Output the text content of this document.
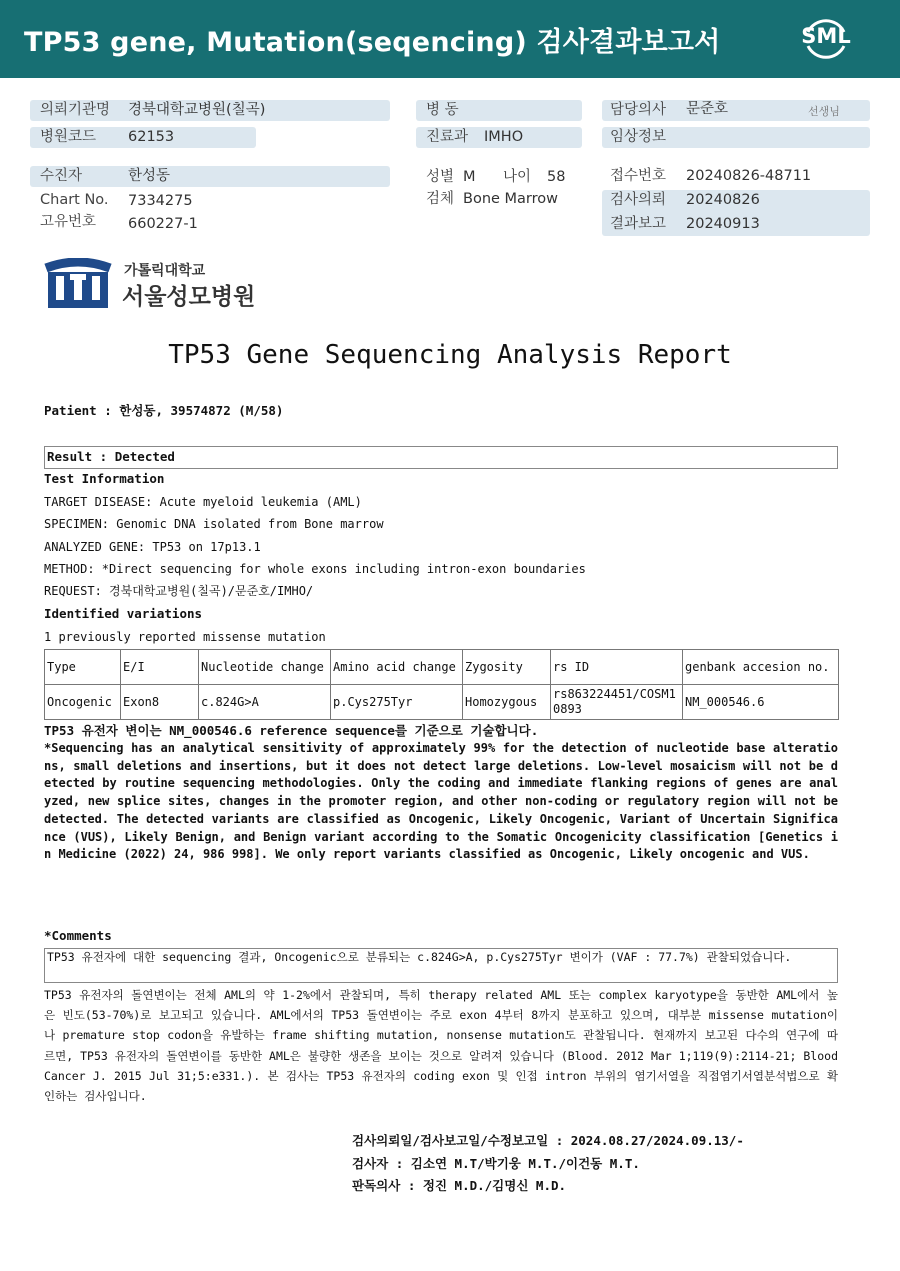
TP53 gene, Mutation(seqencing) 검사결과보고서	SML
의뢰기관명 경북대학교병원(칠곡)
병원코드 62153
수진자	한성동
Chart No. 7334275
고유번호 660227-1
병 동
진료과 IMHO
성별 M 나이 58
검체 Bone Marrow
담당의사 문준호	선생님
임상정보
접수번호 20240826-48711
검사의뢰 20240826
결과보고 20240913
가톨릭대학교
서울성모병원
TP53 Gene Sequencing Analysis Report
Patient : 한성동, 39574872 (M/58)
Result : Detected
Test Information
TARGET DISEASE: Acute myeloid leukemia (AML)
SPECIMEN: Genomic DNA isolated from Bone marrow
ANALYZED GENE: TP53 on 17p13.1
METHOD: *Direct sequencing for whole exons including intron-exon boundaries
REQUEST: 경북대학교병원(칠곡)/문준호/IMHO/
Identified variations
1 previously reported missense mutation
Type	E/I	Nucleotide change	Amino acid change	Zygosity	rs ID	genbank accesion no.
Oncogenic	Exon8	c.824G>A	p.Cys275Tyr	Homozygous	rs863224451/COSM10893	NM_000546.6
TP53 유전자 변이는 NM_000546.6 reference sequence를 기준으로 기술합니다.
*Sequencing has an analytical sensitivity of approximately 99% for the detection of nucleotide base alterations, small deletions and insertions, but it does not detect large deletions. Low-level mosaicism will not be detected by routine sequencing methodologies. Only the coding and immediate flanking regions of genes are analyzed, new splice sites, changes in the promoter region, and other non-coding or regulatory region will not be detected. The detected variants are classified as Oncogenic, Likely Oncogenic, Variant of Uncertain Significance (VUS), Likely Benign, and Benign variant according to the Somatic Oncogenicity classification [Genetics in Medicine (2022) 24, 986 998]. We only report variants classified as Oncogenic, Likely oncogenic and VUS.
*Comments
TP53 유전자에 대한 sequencing 결과, Oncogenic으로 분류되는 c.824G>A, p.Cys275Tyr 변이가 (VAF : 77.7%) 관찰되었습니다.
TP53 유전자의 돌연변이는 전체 AML의 약 1-2%에서 관찰되며, 특히 therapy related AML 또는 complex karyotype을 동반한 AML에서 높은 빈도(53-70%)로 보고되고 있습니다. AML에서의 TP53 돌연변이는 주로 exon 4부터 8까지 분포하고 있으며, 대부분 missense mutation이나 premature stop codon을 유발하는 frame shifting mutation, nonsense mutation도 관찰됩니다. 현재까지 보고된 다수의 연구에 따르면, TP53 유전자의 돌연변이를 동반한 AML은 불량한 생존을 보이는 것으로 알려져 있습니다 (Blood. 2012 Mar 1;119(9):2114-21; Blood Cancer J. 2015 Jul 31;5:e331.). 본 검사는 TP53 유전자의 coding exon 및 인접 intron 부위의 염기서열을 직접염기서열분석법으로 확인하는 검사입니다.
검사의뢰일/검사보고일/수정보고일 : 2024.08.27/2024.09.13/-
검사자 : 김소연 M.T/박기웅 M.T./이건동 M.T.
판독의사 : 정진 M.D./김명신 M.D.
